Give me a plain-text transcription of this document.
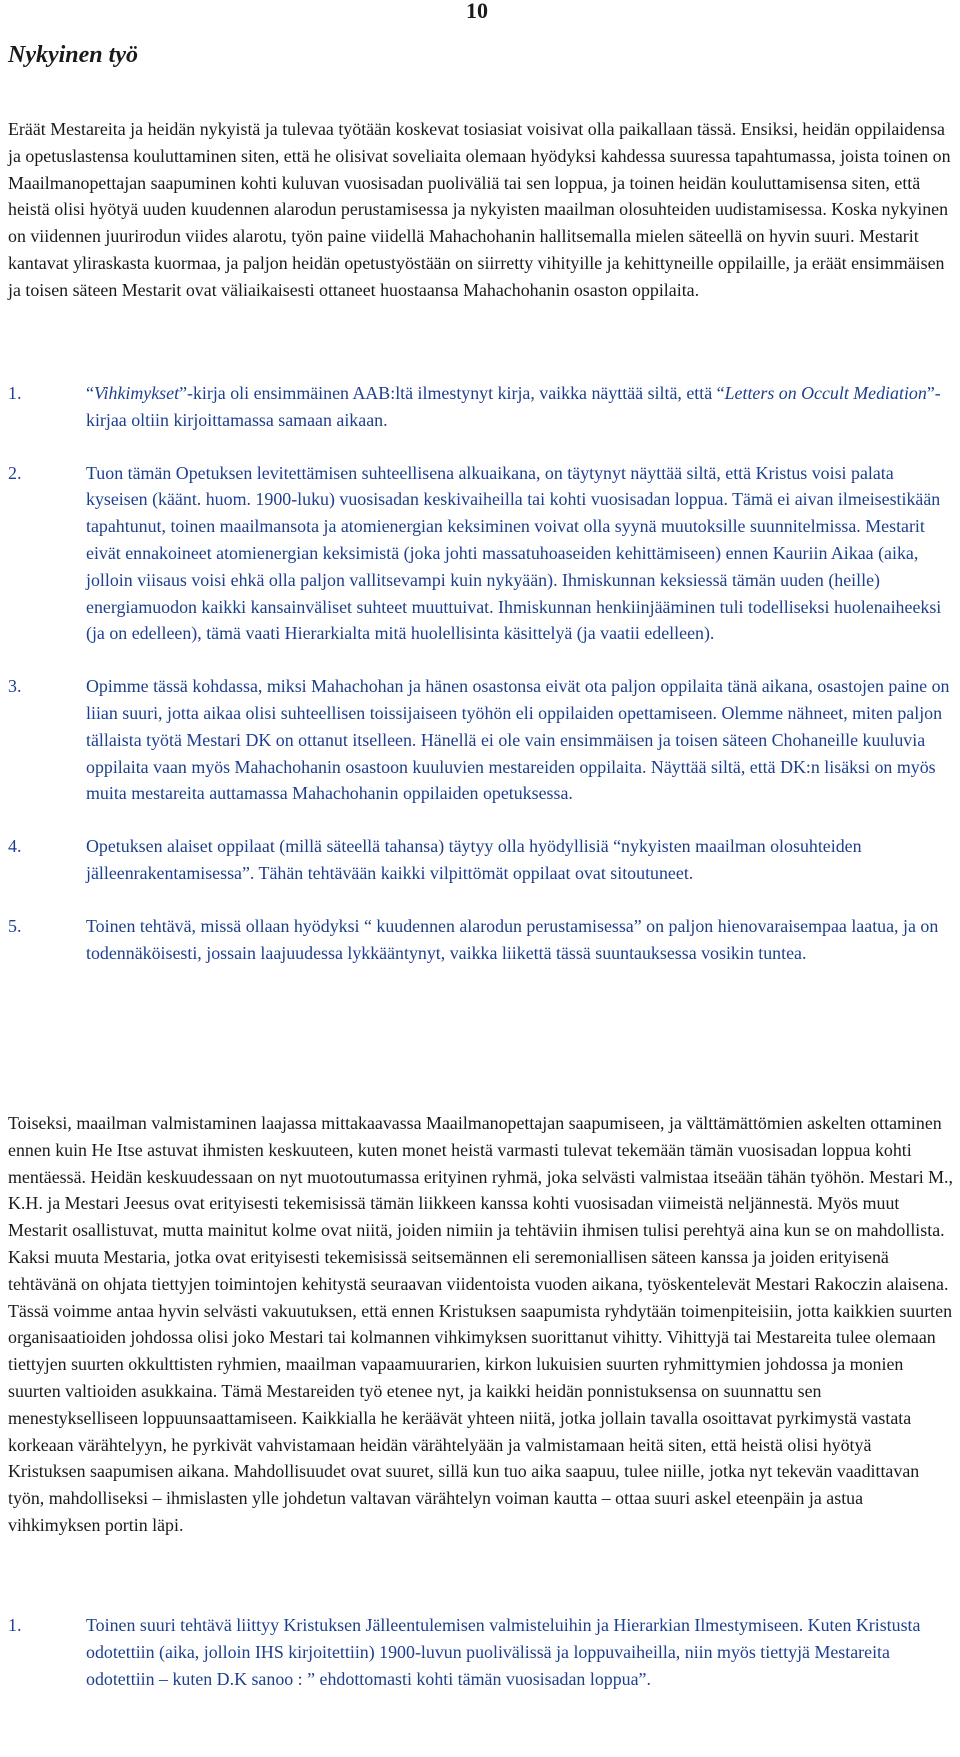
10
Nykyinen työ
Eräät Mestareita ja heidän nykyistä ja tulevaa työtään koskevat tosiasiat voisivat olla paikallaan tässä. Ensiksi, heidän oppilaidensa ja opetuslastensa kouluttaminen siten, että he olisivat soveliaita olemaan hyödyksi kahdessa suuressa tapahtumassa, joista toinen on Maailmanopettajan saapuminen kohti kuluvan vuosisadan puoliväliä tai sen loppua, ja toinen heidän kouluttamisensa siten, että heistä olisi hyötyä uuden kuudennen alarodun perustamisessa ja nykyisten maailman olosuhteiden uudistamisessa. Koska nykyinen on viidennen juurirodun viides alarotu, työn paine viidellä Mahachohanin hallitsemalla mielen säteellä on hyvin suuri. Mestarit kantavat yliraskasta kuormaa, ja paljon heidän opetustyöstään on siirretty vihityille ja kehittyneille oppilaille, ja eräät ensimmäisen ja toisen säteen Mestarit ovat väliaikaisesti ottaneet huostaansa Mahachohanin osaston oppilaita.
1.	“Vihkimykset”-kirja oli ensimmäinen AAB:ltä ilmestynyt kirja, vaikka näyttää siltä, että “Letters on Occult Mediation”-kirjaa oltiin kirjoittamassa samaan aikaan.
2.	Tuon tämän Opetuksen levitettämisen suhteellisena alkuaikana, on täytynyt näyttää siltä, että Kristus voisi palata kyseisen (käänt. huom. 1900-luku) vuosisadan keskivaiheilla tai kohti vuosisadan loppua. Tämä ei aivan ilmeisestikään tapahtunut, toinen maailmansota ja atomienergian keksiminen voivat olla syynä muutoksille suunnitelmissa. Mestarit eivät ennakoineet atomienergian keksimistä (joka johti massatuhoaseiden kehittämiseen) ennen Kauriin Aikaa (aika, jolloin viisaus voisi ehkä olla paljon vallitsevampi kuin nykyään). Ihmiskunnan keksiessä tämän uuden (heille) energiamuodon kaikki kansainväliset suhteet muuttuivat. Ihmiskunnan henkiinjääminen tuli todelliseksi huolenaiheeksi (ja on edelleen), tämä vaati Hierarkialta mitä huolellisinta käsittelyä (ja vaatii edelleen).
3.	Opimme tässä kohdassa, miksi Mahachohan ja hänen osastonsa eivät ota paljon oppilaita tänä aikana, osastojen paine on liian suuri, jotta aikaa olisi suhteellisen toissijaiseen työhön eli oppilaiden opettamiseen. Olemme nähneet, miten paljon tällaista työtä Mestari DK on ottanut itselleen. Hänellä ei ole vain ensimmäisen ja toisen säteen Chohaneille kuuluvia oppilaita vaan myös Mahachohanin osastoon kuuluvien mestareiden oppilaita. Näyttää siltä, että DK:n lisäksi on myös muita mestareita auttamassa Mahachohanin oppilaiden opetuksessa.
4.	Opetuksen alaiset oppilaat (millä säteellä tahansa) täytyy olla hyödyllisiä “nykyisten maailman olosuhteiden jälleenrakentamisessa”. Tähän tehtävään kaikki vilpittömät oppilaat ovat sitoutuneet.
5.	Toinen tehtävä, missä ollaan hyödyksi “ kuudennen alarodun perustamisessa” on paljon hienovaraisempaa laatua, ja on todennäköisesti, jossain laajuudessa lykkääntynyt, vaikka liikettä tässä suuntauksessa vosikin tuntea.
Toiseksi, maailman valmistaminen laajassa mittakaavassa Maailmanopettajan saapumiseen, ja välttämättömien askelten ottaminen ennen kuin He Itse astuvat ihmisten keskuuteen, kuten monet heistä varmasti tulevat tekemään tämän vuosisadan loppua kohti mentäessä. Heidän keskuudessaan on nyt muotoutumassa erityinen ryhmä, joka selvästi valmistaa itseään tähän työhön. Mestari M., K.H. ja Mestari Jeesus ovat erityisesti tekemisissä tämän liikkeen kanssa kohti vuosisadan viimeistä neljännestä. Myös muut Mestarit osallistuvat, mutta mainitut kolme ovat niitä, joiden nimiin ja tehtäviin ihmisen tulisi perehtyä aina kun se on mahdollista. Kaksi muuta Mestaria, jotka ovat erityisesti tekemisissä seitsemännen eli seremoniallisen säteen kanssa ja joiden erityisenä tehtävänä on ohjata tiettyjen toimintojen kehitystä seuraavan viidentoista vuoden aikana, työskentelevät Mestari Rakoczin alaisena. Tässä voimme antaa hyvin selvästi vakuutuksen, että ennen Kristuksen saapumista ryhdytään toimenpiteisiin, jotta kaikkien suurten organisaatioiden johdossa olisi joko Mestari tai kolmannen vihkimyksen suorittanut vihitty. Vihittyjä tai Mestareita tulee olemaan tiettyjen suurten okkulttisten ryhmien, maailman vapaamuurarien, kirkon lukuisien suurten ryhmittymien johdossa ja monien suurten valtioiden asukkaina. Tämä Mestareiden työ etenee nyt, ja kaikki heidän ponnistuksensa on suunnattu sen menestykselliseen loppuunsaattamiseen. Kaikkialla he keräävät yhteen niitä, jotka jollain tavalla osoittavat pyrkimystä vastata korkeaan värähtelyyn, he pyrkivät vahvistamaan heidän värähtelyään ja valmistamaan heitä siten, että heistä olisi hyötyä Kristuksen saapumisen aikana. Mahdollisuudet ovat suuret, sillä kun tuo aika saapuu, tulee niille, jotka nyt tekevän vaadittavan työn, mahdolliseksi – ihmislasten ylle johdetun valtavan värähtelyn voiman kautta – ottaa suuri askel eteenpäin ja astua vihkimyksen portin läpi.
1.	Toinen suuri tehtävä liittyy Kristuksen Jälleentulemisen valmisteluihin ja Hierarkian Ilmestymiseen. Kuten Kristusta odotettiin (aika, jolloin IHS kirjoitettiin) 1900-luvun puolivälissä ja loppuvaiheilla, niin myös tiettyjä Mestareita odotettiin – kuten D.K sanoo : ” ehdottomasti kohti tämän vuosisadan loppua”.
